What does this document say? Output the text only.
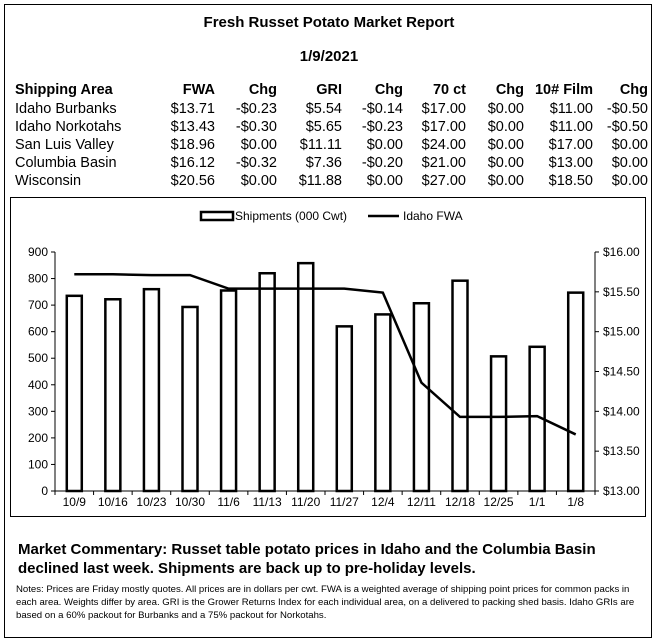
Fresh Russet Potato Market Report
1/9/2021
Shipping Area	FWA	Chg	GRI	Chg	70 ct	Chg	10# Film	Chg
Idaho Burbanks	$13.71	-$0.23	$5.54	-$0.14	$17.00	$0.00	$11.00	-$0.50
Idaho Norkotahs	$13.43	-$0.30	$5.65	-$0.23	$17.00	$0.00	$11.00	-$0.50
San Luis Valley	$18.96	$0.00	$11.11	$0.00	$24.00	$0.00	$17.00	$0.00
Columbia Basin	$16.12	-$0.32	$7.36	-$0.20	$21.00	$0.00	$13.00	$0.00
Wisconsin	$20.56	$0.00	$11.88	$0.00	$27.00	$0.00	$18.50	$0.00
Shipments (000 Cwt)	Idaho FWA
0
100
200
300
400
500
600
700
800
900
$13.00
$13.50
$14.00
$14.50
$15.00
$15.50
$16.00
10/9 10/16 10/23 10/30 11/6 11/13 11/20 11/27 12/4 12/11 12/18 12/25 1/1 1/8
Market Commentary: Russet table potato prices in Idaho and the Columbia Basin declined last week. Shipments are back up to pre-holiday levels.
Notes: Prices are Friday mostly quotes. All prices are in dollars per cwt. FWA is a weighted average of shipping point prices for common packs in each area. Weights differ by area. GRI is the Grower Returns Index for each individual area, on a delivered to packing shed basis. Idaho GRIs are based on a 60% packout for Burbanks and a 75% packout for Norkotahs.
